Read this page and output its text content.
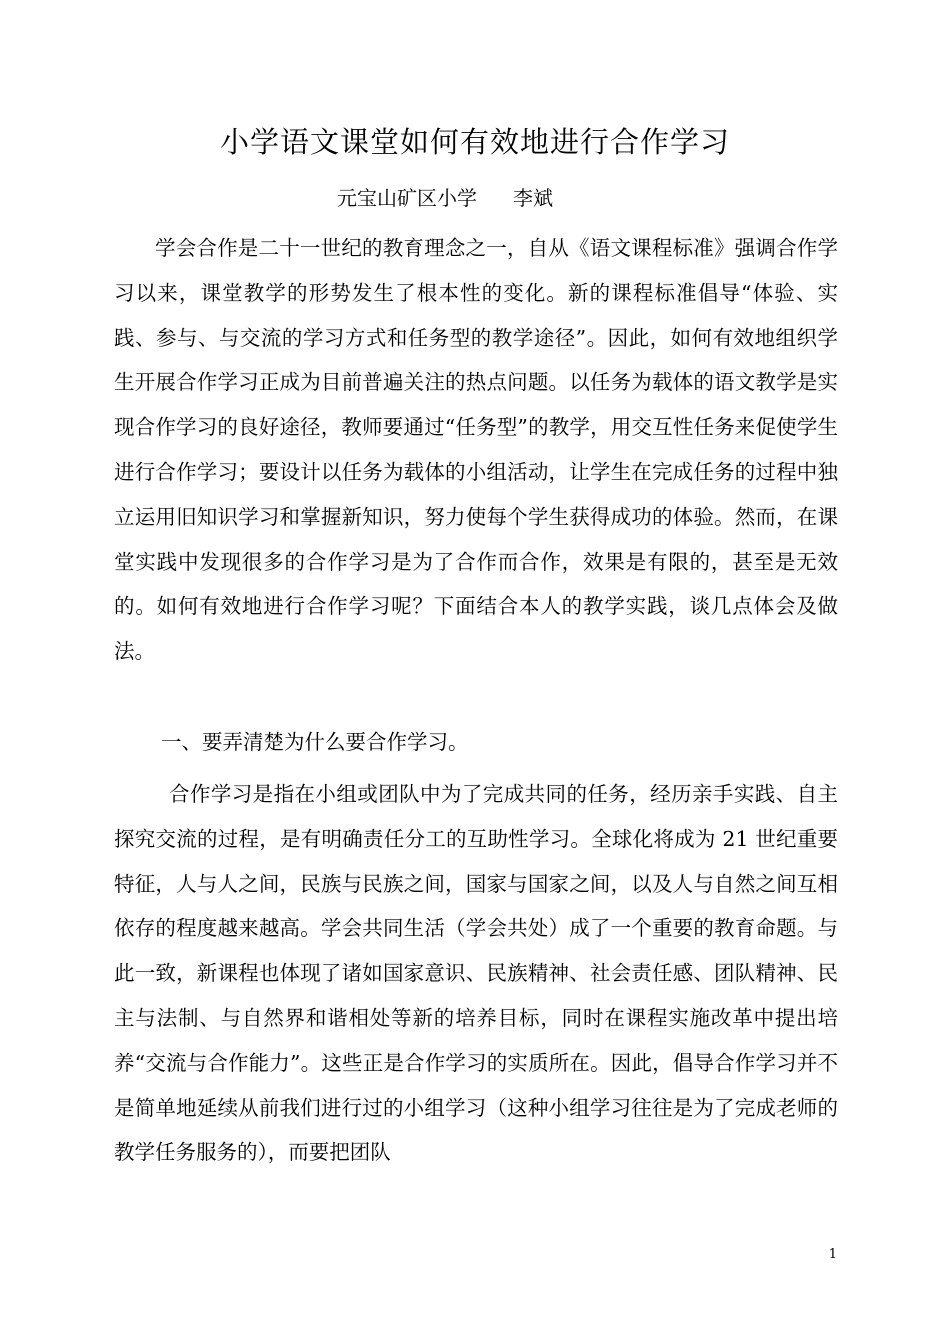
小学语文课堂如何有效地进行合作学习

元宝山矿区小学 李斌

学会合作是二十一世纪的教育理念之一，自从《语文课程标准》强调合作学习以来，课堂教学的形势发生了根本性的变化。新的课程标准倡导“体验、实践、参与、与交流的学习方式和任务型的教学途径”。因此，如何有效地组织学生开展合作学习正成为目前普遍关注的热点问题。以任务为载体的语文教学是实现合作学习的良好途径，教师要通过“任务型”的教学，用交互性任务来促使学生进行合作学习；要设计以任务为载体的小组活动，让学生在完成任务的过程中独立运用旧知识学习和掌握新知识，努力使每个学生获得成功的体验。然而，在课堂实践中发现很多的合作学习是为了合作而合作，效果是有限的，甚至是无效的。如何有效地进行合作学习呢？下面结合本人的教学实践，谈几点体会及做法。

一、要弄清楚为什么要合作学习。

合作学习是指在小组或团队中为了完成共同的任务，经历亲手实践、自主探究交流的过程，是有明确责任分工的互助性学习。全球化将成为 21 世纪重要特征，人与人之间，民族与民族之间，国家与国家之间，以及人与自然之间互相依存的程度越来越高。学会共同生活（学会共处）成了一个重要的教育命题。与此一致，新课程也体现了诸如国家意识、民族精神、社会责任感、团队精神、民主与法制、与自然界和谐相处等新的培养目标，同时在课程实施改革中提出培养“交流与合作能力”。这些正是合作学习的实质所在。因此，倡导合作学习并不是简单地延续从前我们进行过的小组学习（这种小组学习往往是为了完成老师的教学任务服务的），而要把团队

1
